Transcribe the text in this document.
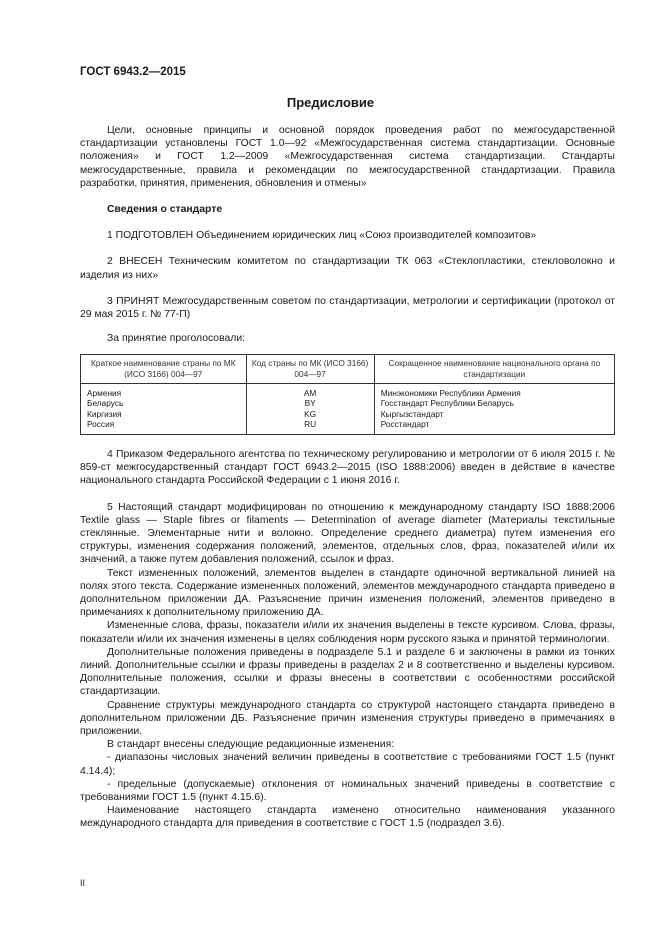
ГОСТ 6943.2—2015
Предисловие

Цели, основные принципы и основной порядок проведения работ по межгосударственной стандартизации установлены ГОСТ 1.0—92 «Межгосударственная система стандартизации. Основные положения» и ГОСТ 1.2—2009 «Межгосударственная система стандартизации. Стандарты межгосударственные, правила и рекомендации по межгосударственной стандартизации. Правила разработки, принятия, применения, обновления и отмены»

Сведения о стандарте

1 ПОДГОТОВЛЕН Объединением юридических лиц «Союз производителей композитов»

2 ВНЕСЕН Техническим комитетом по стандартизации ТК 063 «Стеклопластики, стекловолокно и изделия из них»

3 ПРИНЯТ Межгосударственным советом по стандартизации, метрологии и сертификации (протокол от 29 мая 2015 г. № 77-П)

За принятие проголосовали:

Краткое наименование страны по МК (ИСО 3166) 004—97	Код страны по МК (ИСО 3166) 004—97	Сокращенное наименование национального органа по стандартизации
Армения	AM	Минэкономики Республики Армения
Беларусь	BY	Госстандарт Республики Беларусь
Киргизия	KG	Кыргызстандарт
Россия	RU	Росстандарт

4 Приказом Федерального агентства по техническому регулированию и метрологии от 6 июля 2015 г. № 859-ст межгосударственный стандарт ГОСТ 6943.2—2015 (ISO 1888:2006) введен в действие в качестве национального стандарта Российской Федерации с 1 июня 2016 г.

5 Настоящий стандарт модифицирован по отношению к международному стандарту ISO 1888:2006 Textile glass — Staple fibres or filaments — Determination of average diameter (Материалы текстильные стеклянные. Элементарные нити и волокно. Определение среднего диаметра) путем изменения его структуры, изменения содержания положений, элементов, отдельных слов, фраз, показателей и/или их значений, а также путем добавления положений, ссылок и фраз.

Текст измененных положений, элементов выделен в стандарте одиночной вертикальной линией на полях этого текста. Содержание измененных положений, элементов международного стандарта приведено в дополнительном приложении ДА. Разъяснение причин изменения положений, элементов приведено в примечаниях к дополнительному приложению ДА.

Измененные слова, фразы, показатели и/или их значения выделены в тексте курсивом. Слова, фразы, показатели и/или их значения изменены в целях соблюдения норм русского языка и принятой терминологии.

Дополнительные положения приведены в подразделе 5.1 и разделе 6 и заключены в рамки из тонких линий. Дополнительные ссылки и фразы приведены в разделах 2 и 8 соответственно и выделены курсивом. Дополнительные положения, ссылки и фразы внесены в соответствии с особенностями российской стандартизации.

Сравнение структуры международного стандарта со структурой настоящего стандарта приведено в дополнительном приложении ДБ. Разъяснение причин изменения структуры приведено в примечаниях в приложении.

В стандарт внесены следующие редакционные изменения:

- диапазоны числовых значений величин приведены в соответствие с требованиями ГОСТ 1.5 (пункт 4.14.4);

- предельные (допускаемые) отклонения от номинальных значений приведены в соответствие с требованиями ГОСТ 1.5 (пункт 4.15.6).

Наименование настоящего стандарта изменено относительно наименования указанного международного стандарта для приведения в соответствие с ГОСТ 1.5 (подраздел 3.6).

II
